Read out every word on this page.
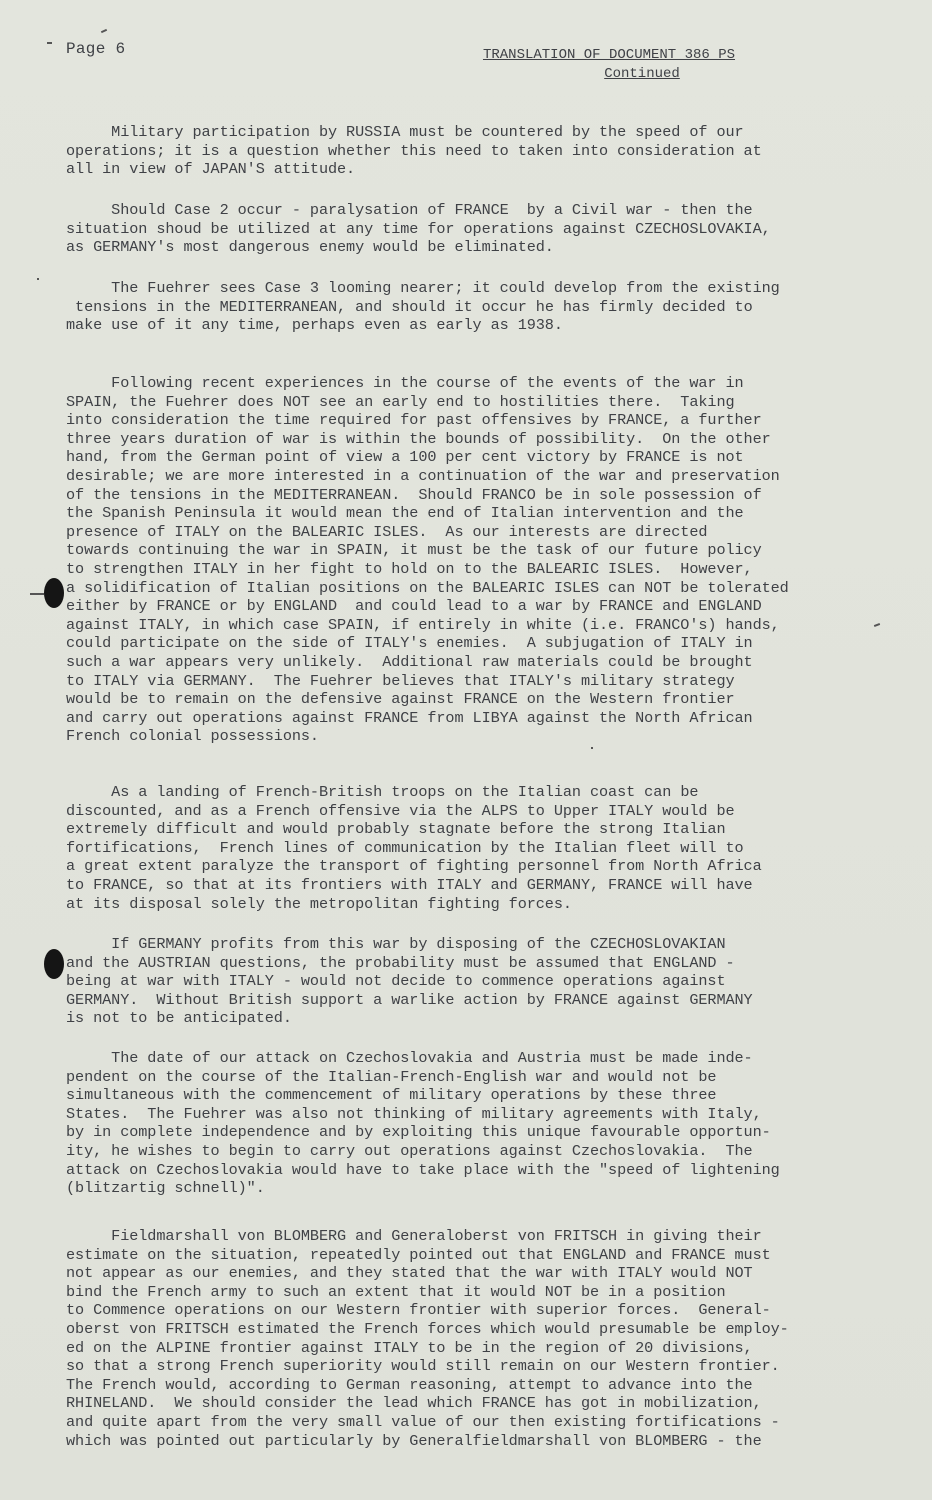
Page 6	TRANSLATION OF DOCUMENT 386 PS
Continued

Military participation by RUSSIA must be countered by the speed of our
operations; it is a question whether this need to taken into consideration at
all in view of JAPAN'S attitude.

Should Case 2 occur - paralysation of FRANCE  by a Civil war - then the
situation shoud be utilized at any time for operations against CZECHOSLOVAKIA,
as GERMANY's most dangerous enemy would be eliminated.

The Fuehrer sees Case 3 looming nearer; it could develop from the existing
tensions in the MEDITERRANEAN, and should it occur he has firmly decided to
make use of it any time, perhaps even as early as 1938.

Following recent experiences in the course of the events of the war in
SPAIN, the Fuehrer does NOT see an early end to hostilities there.  Taking
into consideration the time required for past offensives by FRANCE, a further
three years duration of war is within the bounds of possibility.  On the other
hand, from the German point of view a 100 per cent victory by FRANCE is not
desirable; we are more interested in a continuation of the war and preservation
of the tensions in the MEDITERRANEAN.  Should FRANCO be in sole possession of
the Spanish Peninsula it would mean the end of Italian intervention and the
presence of ITALY on the BALEARIC ISLES.  As our interests are directed
towards continuing the war in SPAIN, it must be the task of our future policy
to strengthen ITALY in her fight to hold on to the BALEARIC ISLES.  However,
a solidification of Italian positions on the BALEARIC ISLES can NOT be tolerated
either by FRANCE or by ENGLAND  and could lead to a war by FRANCE and ENGLAND
against ITALY, in which case SPAIN, if entirely in white (i.e. FRANCO's) hands,
could participate on the side of ITALY's enemies.  A subjugation of ITALY in
such a war appears very unlikely.  Additional raw materials could be brought
to ITALY via GERMANY.  The Fuehrer believes that ITALY's military strategy
would be to remain on the defensive against FRANCE on the Western frontier
and carry out operations against FRANCE from LIBYA against the North African
French colonial possessions.

As a landing of French-British troops on the Italian coast can be
discounted, and as a French offensive via the ALPS to Upper ITALY would be
extremely difficult and would probably stagnate before the strong Italian
fortifications,  French lines of communication by the Italian fleet will to
a great extent paralyze the transport of fighting personnel from North Africa
to FRANCE, so that at its frontiers with ITALY and GERMANY, FRANCE will have
at its disposal solely the metropolitan fighting forces.

If GERMANY profits from this war by disposing of the CZECHOSLOVAKIAN
and the AUSTRIAN questions, the probability must be assumed that ENGLAND -
being at war with ITALY - would not decide to commence operations against
GERMANY.  Without British support a warlike action by FRANCE against GERMANY
is not to be anticipated.

The date of our attack on Czechoslovakia and Austria must be made inde-
pendent on the course of the Italian-French-English war and would not be
simultaneous with the commencement of military operations by these three
States.  The Fuehrer was also not thinking of military agreements with Italy,
by in complete independence and by exploiting this unique favourable opportun-
ity, he wishes to begin to carry out operations against Czechoslovakia.  The
attack on Czechoslovakia would have to take place with the "speed of lightening
(blitzartig schnell)".

Fieldmarshall von BLOMBERG and Generaloberst von FRITSCH in giving their
estimate on the situation, repeatedly pointed out that ENGLAND and FRANCE must
not appear as our enemies, and they stated that the war with ITALY would NOT
bind the French army to such an extent that it would NOT be in a position
to Commence operations on our Western frontier with superior forces.  General-
oberst von FRITSCH estimated the French forces which would presumable be employ-
ed on the ALPINE frontier against ITALY to be in the region of 20 divisions,
so that a strong French superiority would still remain on our Western frontier.
The French would, according to German reasoning, attempt to advance into the
RHINELAND.  We should consider the lead which FRANCE has got in mobilization,
and quite apart from the very small value of our then existing fortifications -
which was pointed out particularly by Generalfieldmarshall von BLOMBERG - the
